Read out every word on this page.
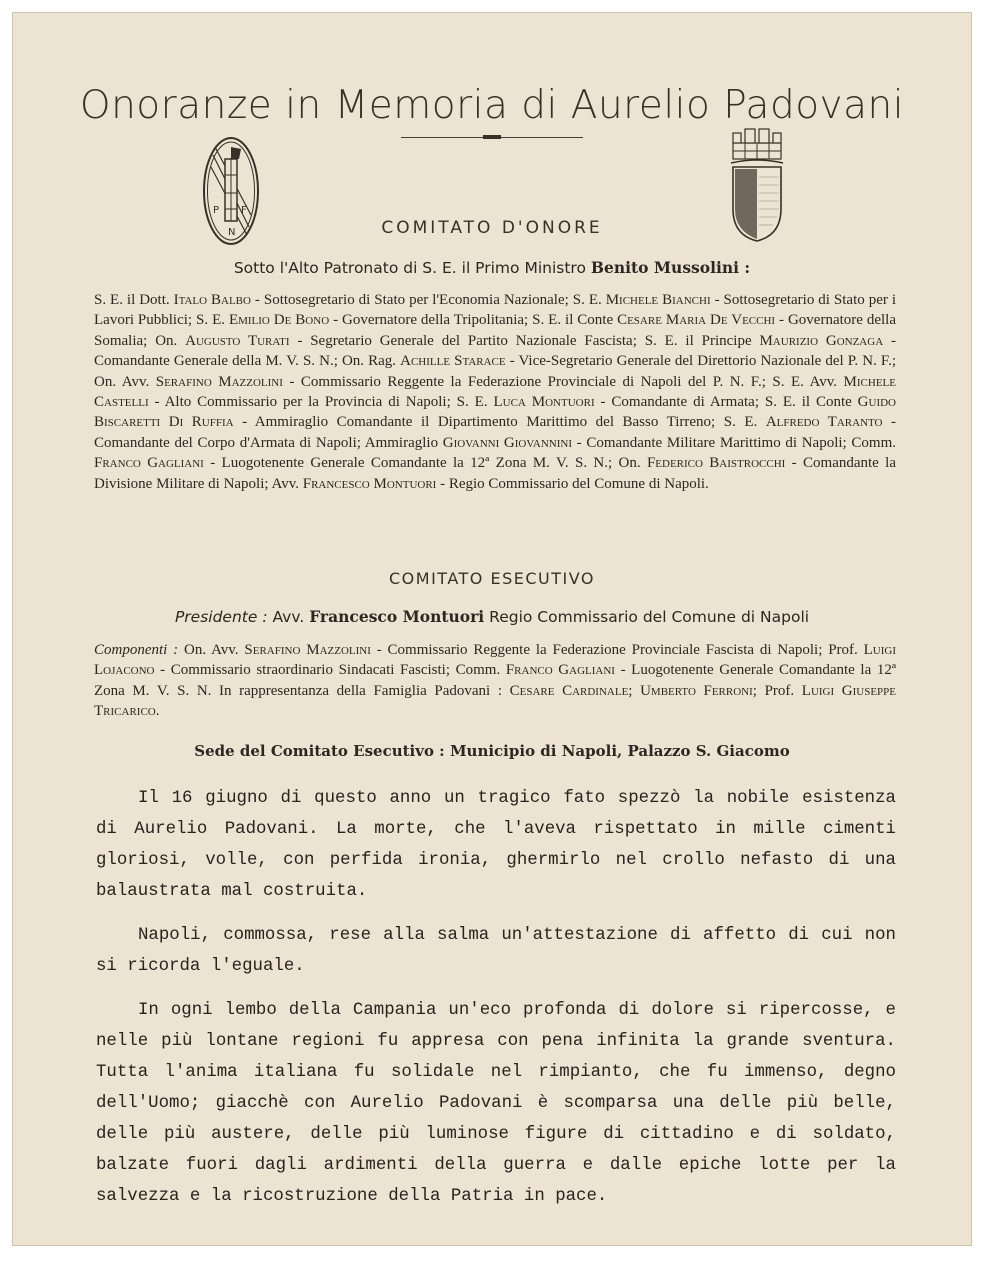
Onoranze in Memoria di Aurelio Padovani
P F
N	COMITATO D'ONORE
Sotto l'Alto Patronato di S. E. il Primo Ministro Benito Mussolini :
S. E. il Dott. Italo Balbo - Sottosegretario di Stato per l'Economia Nazionale; S. E. Michele Bianchi - Sottosegretario di Stato per i Lavori Pubblici; S. E. Emilio De Bono - Governatore della Tripolitania; S. E. il Conte Cesare Maria De Vecchi - Governatore della Somalia; On. Augusto Turati - Segretario Generale del Partito Nazionale Fascista; S. E. il Principe Maurizio Gonzaga - Comandante Generale della M. V. S. N.; On. Rag. Achille Starace - Vice-Segretario Generale del Direttorio Nazionale del P. N. F.; On. Avv. Serafino Mazzolini - Commissario Reggente la Federazione Provinciale di Napoli del P. N. F.; S. E. Avv. Michele Castelli - Alto Commissario per la Provincia di Napoli; S. E. Luca Montuori - Comandante di Armata; S. E. il Conte Guido Biscaretti Di Ruffia - Ammiraglio Comandante il Dipartimento Marittimo del Basso Tirreno; S. E. Alfredo Taranto - Comandante del Corpo d'Armata di Napoli; Ammiraglio Giovanni Giovannini - Comandante Militare Marittimo di Napoli; Comm. Franco Gagliani - Luogotenente Generale Comandante la 12ª Zona M. V. S. N.; On. Federico Baistrocchi - Comandante la Divisione Militare di Napoli; Avv. Francesco Montuori - Regio Commissario del Comune di Napoli.
COMITATO ESECUTIVO
Presidente : Avv. Francesco Montuori Regio Commissario del Comune di Napoli
Componenti : On. Avv. Serafino Mazzolini - Commissario Reggente la Federazione Provinciale Fascista di Napoli; Prof. Luigi Lojacono - Commissario straordinario Sindacati Fascisti; Comm. Franco Gagliani - Luogotenente Generale Comandante la 12ª Zona M. V. S. N. In rappresentanza della Famiglia Padovani : Cesare Cardinale; Umberto Ferroni; Prof. Luigi Giuseppe Tricarico.
Sede del Comitato Esecutivo : Municipio di Napoli, Palazzo S. Giacomo

Il 16 giugno di questo anno un tragico fato spezzò la nobile esistenza di Aurelio Padovani. La morte, che l'aveva rispettato in mille cimenti gloriosi, volle, con perfida ironia, ghermirlo nel crollo nefasto di una balaustrata mal costruita.

Napoli, commossa, rese alla salma un'attestazione di affetto di cui non si ricorda l'eguale.

In ogni lembo della Campania un'eco profonda di dolore si ripercosse, e nelle più lontane regioni fu appresa con pena infinita la grande sventura. Tutta l'anima italiana fu solidale nel rimpianto, che fu immenso, degno dell'Uomo; giacchè con Aurelio Padovani è scomparsa una delle più belle, delle più austere, delle più luminose figure di cittadino e di soldato, balzate fuori dagli ardimenti della guerra e dalle epiche lotte per la salvezza e la ricostruzione della Patria in pace.
